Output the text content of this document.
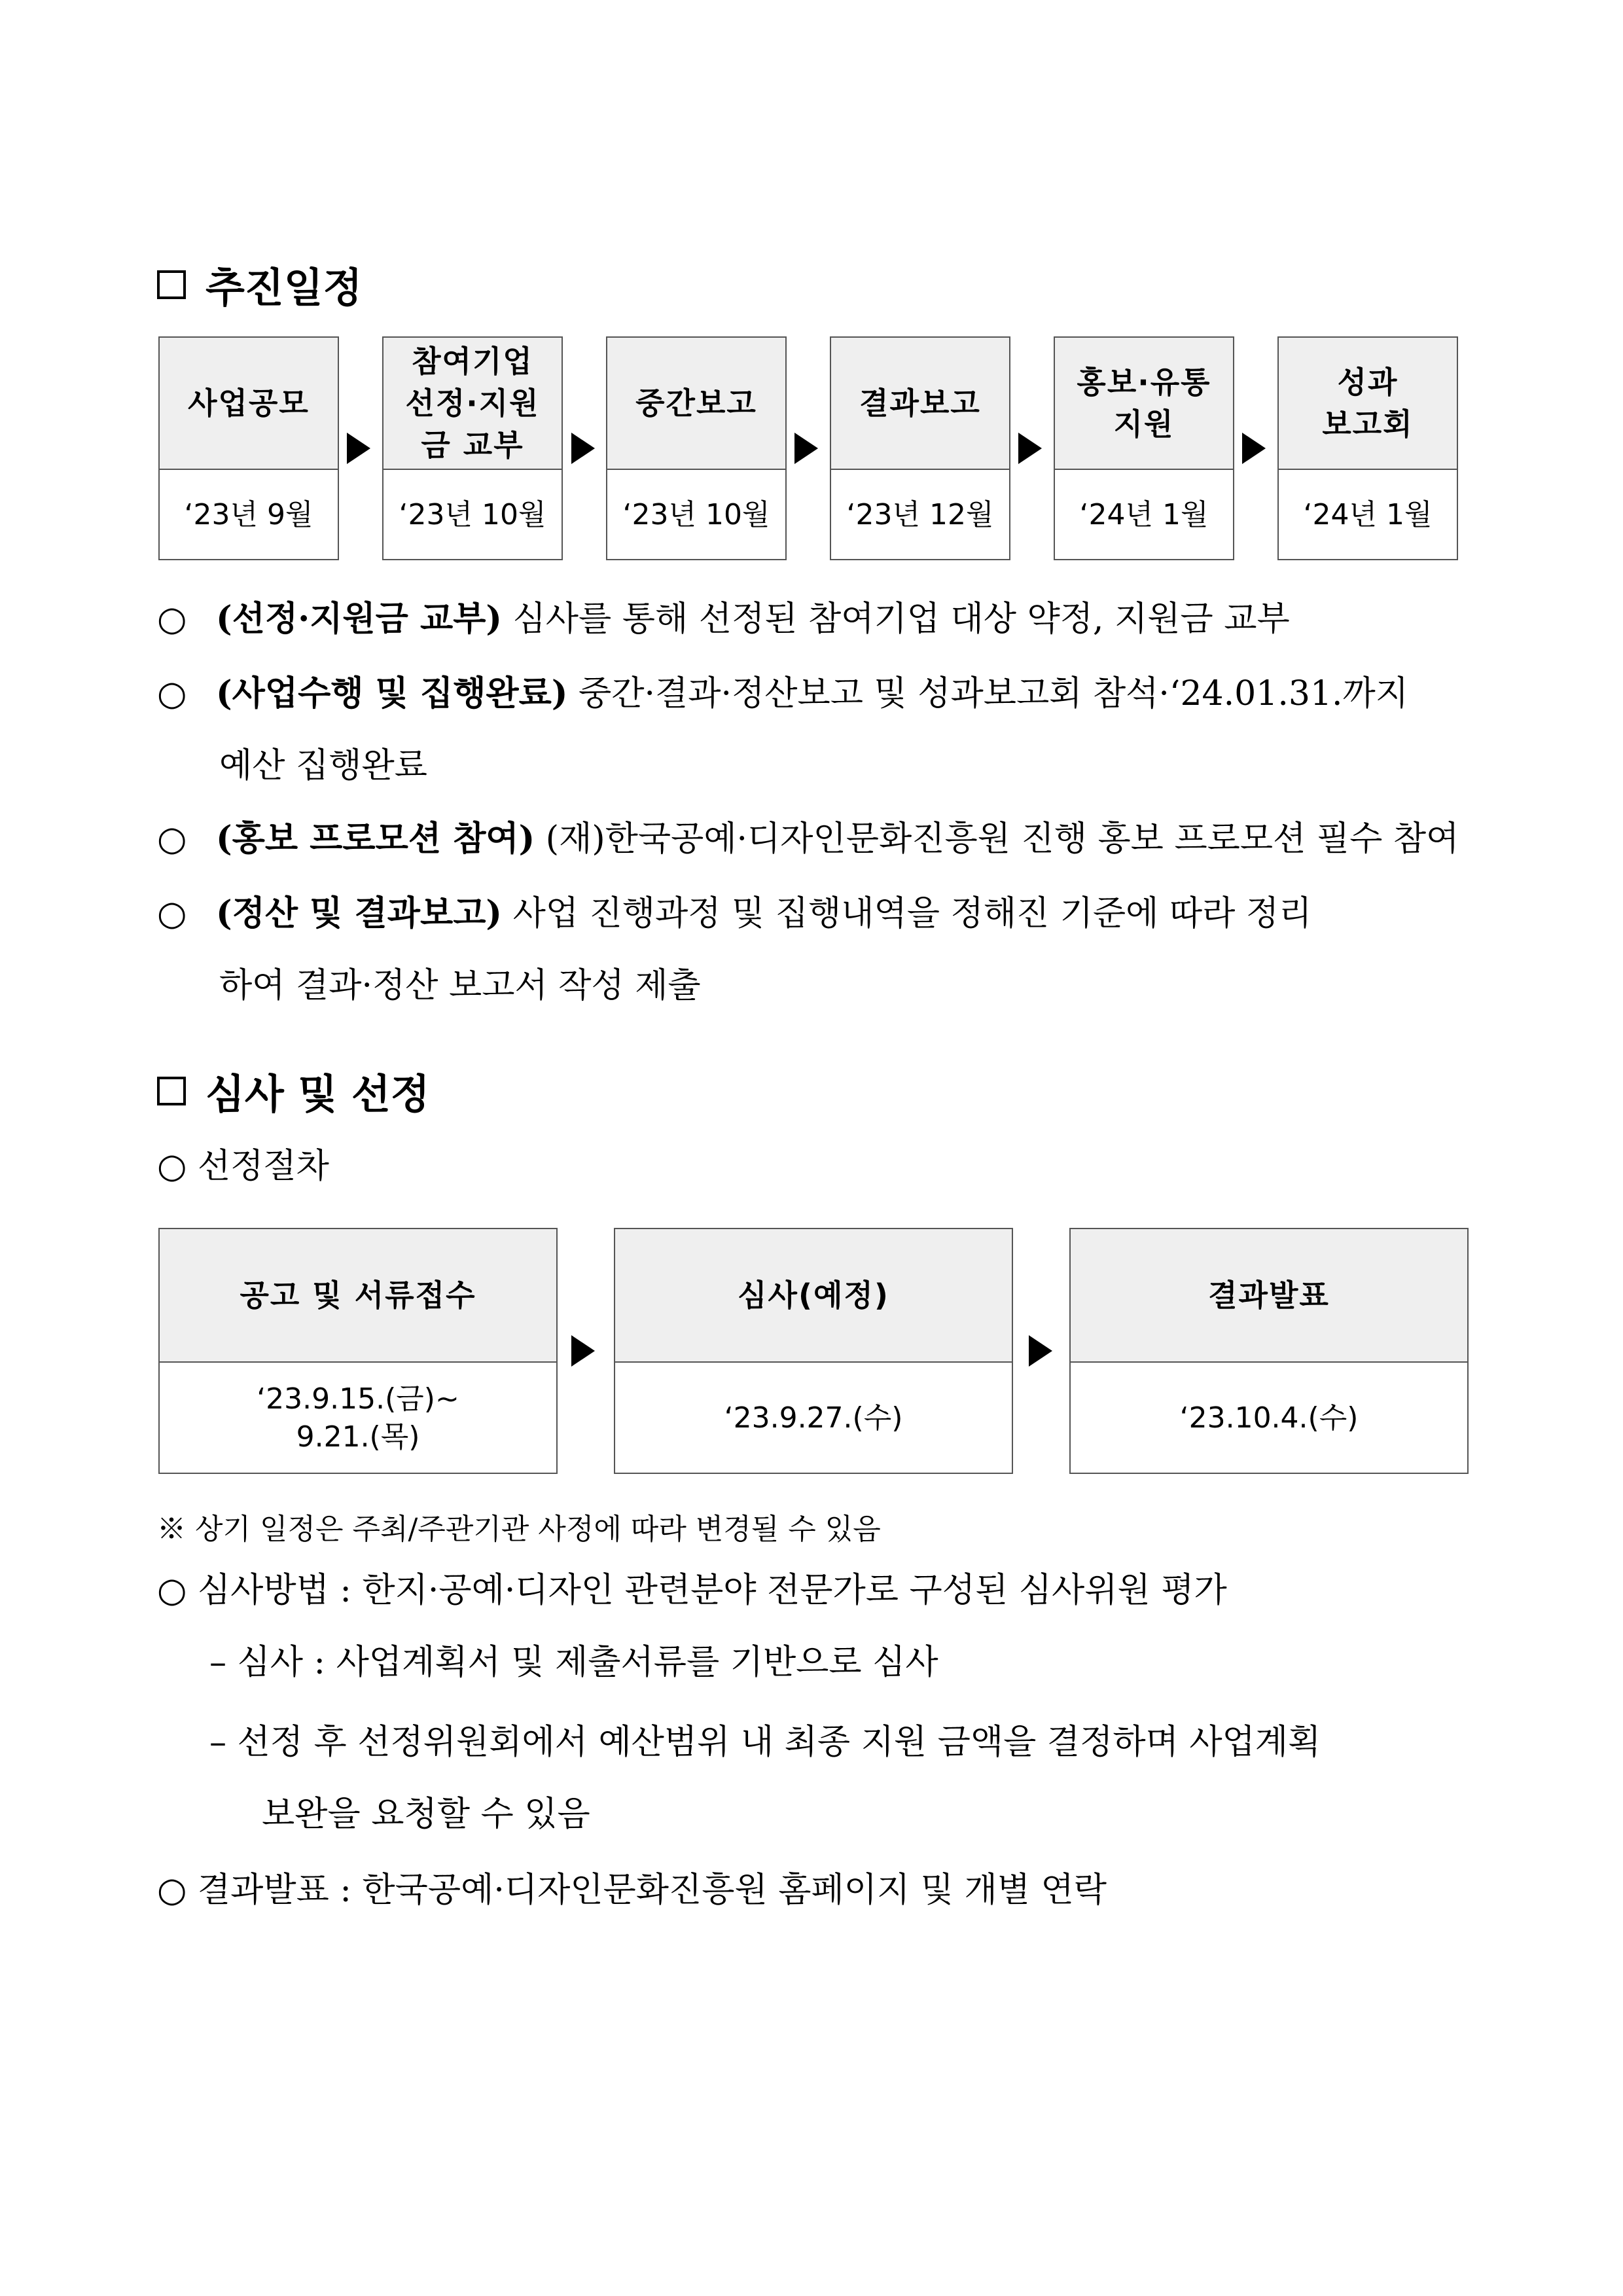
추진일정
사업공모
‘23년 9월
참여기업
선정·지원
금 교부
‘23년 10월
중간보고
‘23년 10월
결과보고
‘23년 12월
홍보·유통
지원
‘24년 1월
성과
보고회
‘24년 1월
○ (선정·지원금 교부) 심사를 통해 선정된 참여기업 대상 약정, 지원금 교부
○ (사업수행 및 집행완료) 중간·결과·정산보고 및 성과보고회 참석·‘24.01.31.까지
예산 집행완료
○ (홍보 프로모션 참여) (재)한국공예·디자인문화진흥원 진행 홍보 프로모션 필수 참여
○ (정산 및 결과보고) 사업 진행과정 및 집행내역을 정해진 기준에 따라 정리
하여 결과·정산 보고서 작성 제출
심사 및 선정
○ 선정절차
공고 및 서류접수
‘23.9.15.(금)~
9.21.(목)
심사(예정)
‘23.9.27.(수)
결과발표
‘23.10.4.(수)
※ 상기 일정은 주최/주관기관 사정에 따라 변경될 수 있음
○ 심사방법 : 한지·공예·디자인 관련분야 전문가로 구성된 심사위원 평가
– 심사 : 사업계획서 및 제출서류를 기반으로 심사
– 선정 후 선정위원회에서 예산범위 내 최종 지원 금액을 결정하며 사업계획
보완을 요청할 수 있음
○ 결과발표 : 한국공예·디자인문화진흥원 홈페이지 및 개별 연락
